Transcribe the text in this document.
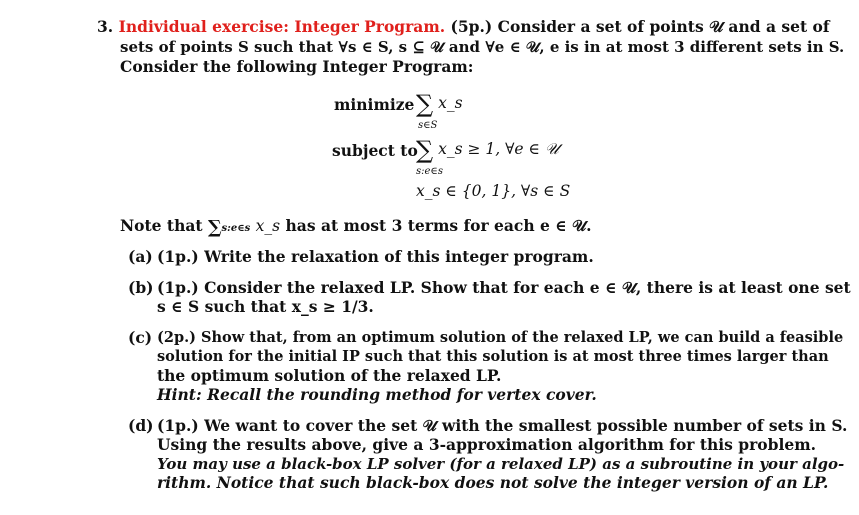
3. Individual exercise: Integer Program. (5p.) Consider a set of points 𝒰 and a set of
sets of points S such that ∀s ∈ S, s ⊆ 𝒰 and ∀e ∈ 𝒰, e is in at most 3 different sets in S.
Consider the following Integer Program:
minimize ∑ x_s
s∈S
subject to
∑ x_s ≥ 1, ∀e ∈ 𝒰
s:e∈s
x_s ∈ {0, 1}, ∀s ∈ S
Note that ∑s:e∈s x_s has at most 3 terms for each e ∈ 𝒰.
(a) (1p.) Write the relaxation of this integer program.
(b) (1p.) Consider the relaxed LP. Show that for each e ∈ 𝒰, there is at least one set
s ∈ S such that x_s ≥ 1/3.
(c) (2p.) Show that, from an optimum solution of the relaxed LP, we can build a feasible
solution for the initial IP such that this solution is at most three times larger than
the optimum solution of the relaxed LP.
Hint: Recall the rounding method for vertex cover.
(d) (1p.) We want to cover the set 𝒰 with the smallest possible number of sets in S.
Using the results above, give a 3-approximation algorithm for this problem.
You may use a black-box LP solver (for a relaxed LP) as a subroutine in your algo-
rithm. Notice that such black-box does not solve the integer version of an LP.
